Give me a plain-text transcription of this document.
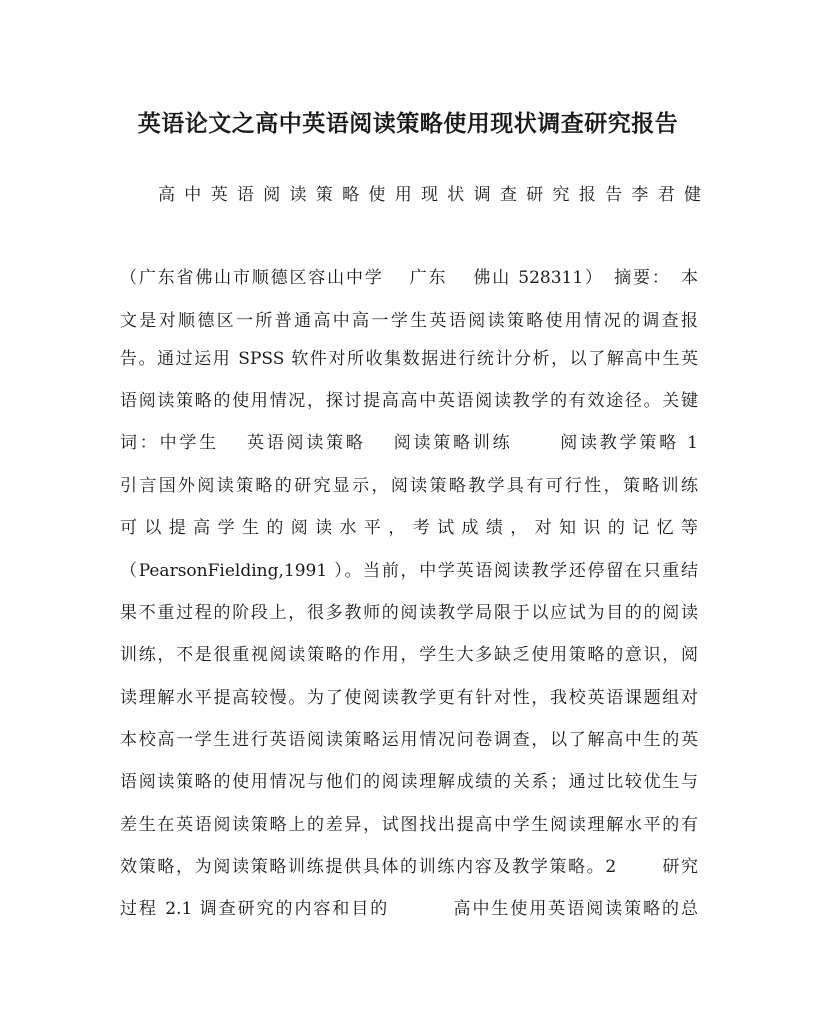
英语论文之高中英语阅读策略使用现状调查研究报告
高中英语阅读策略使用现状调查研究报告李君健
（广东省佛山市顺德区容山中学　 广东　 佛山 528311）　摘要：　本
文是对顺德区一所普通高中高一学生英语阅读策略使用情况的调查报
告。通过运用 SPSS 软件对所收集数据进行统计分析，以了解高中生英
语阅读策略的使用情况，探讨提高高中英语阅读教学的有效途径。关键
词：中学生　 英语阅读策略　 阅读策略训练　　 阅读教学策略 1
引言国外阅读策略的研究显示，阅读策略教学具有可行性，策略训练
可以提高学生的阅读水平，考试成绩，对知识的记忆等
（PearsonFielding,1991 ）。当前，中学英语阅读教学还停留在只重结
果不重过程的阶段上，很多教师的阅读教学局限于以应试为目的的阅读
训练，不是很重视阅读策略的作用，学生大多缺乏使用策略的意识，阅
读理解水平提高较慢。为了使阅读教学更有针对性，我校英语课题组对
本校高一学生进行英语阅读策略运用情况问卷调查，以了解高中生的英
语阅读策略的使用情况与他们的阅读理解成绩的关系；通过比较优生与
差生在英语阅读策略上的差异，试图找出提高中学生阅读理解水平的有
效策略，为阅读策略训练提供具体的训练内容及教学策略。2　　 研究
过程 2.1 调查研究的内容和目的　　　 高中生使用英语阅读策略的总
